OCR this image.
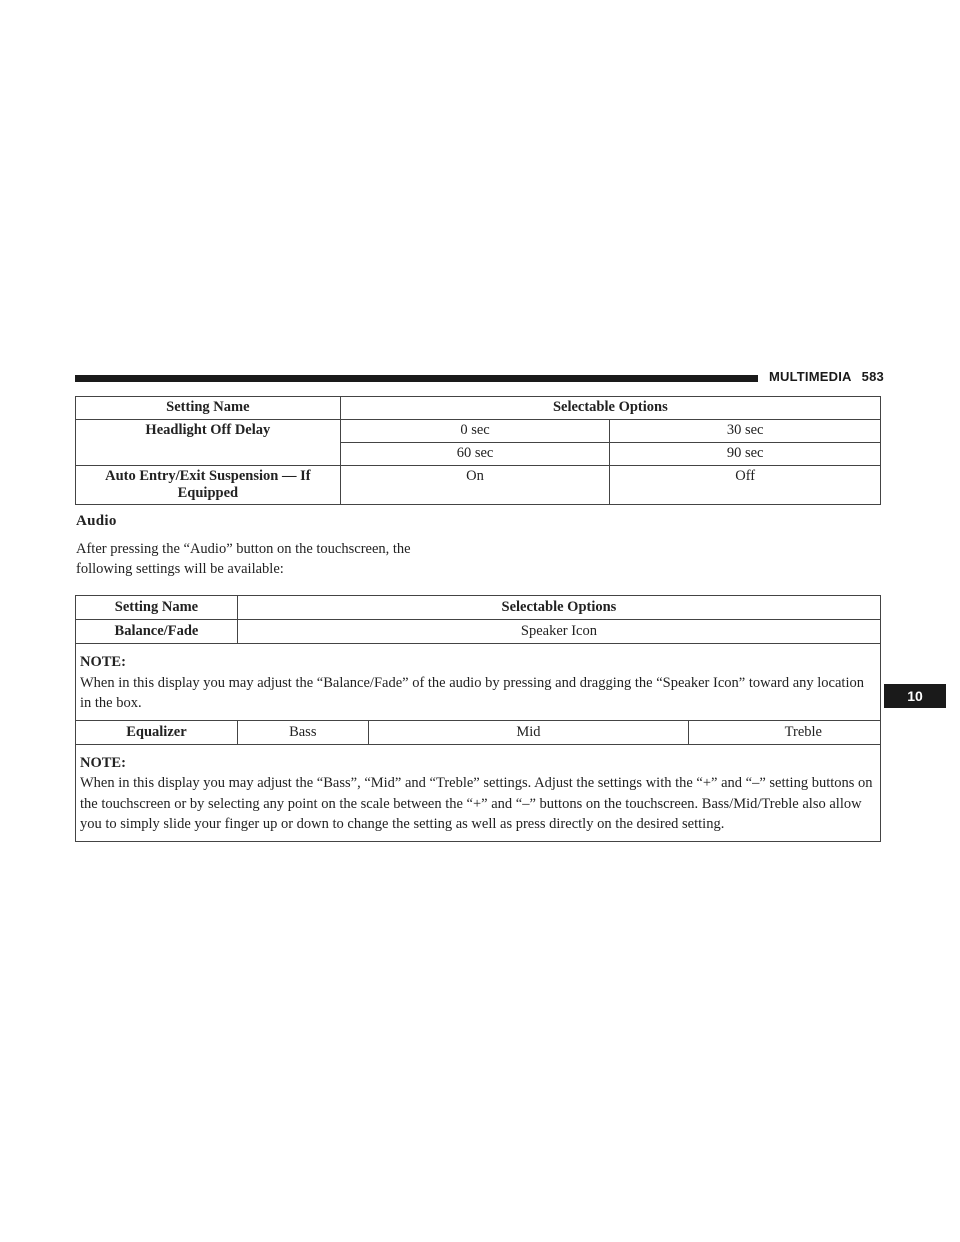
MULTIMEDIA 583
10
Setting Name	Selectable Options	
Headlight Off Delay	0 sec	30 sec
	60 sec	90 sec
Auto Entry/Exit Suspension — If
Equipped	On	Off
Audio
After pressing the “Audio” button on the touchscreen, the
following settings will be available:
Setting Name	Selectable Options		
Balance/Fade	Speaker Icon		

NOTE:
When in this display you may adjust the “Balance/Fade” of the audio by pressing and dragging the “Speaker Icon” toward any location in the box.			
Equalizer	Bass	Mid	Treble

NOTE:
When in this display you may adjust the “Bass”, “Mid” and “Treble” settings. Adjust the settings with the “+” and “–” setting buttons on the touchscreen or by selecting any point on the scale between the “+” and “–” buttons on the touchscreen. Bass/Mid/Treble also allow you to simply slide your finger up or down to change the setting as well as press directly on the desired setting.			
